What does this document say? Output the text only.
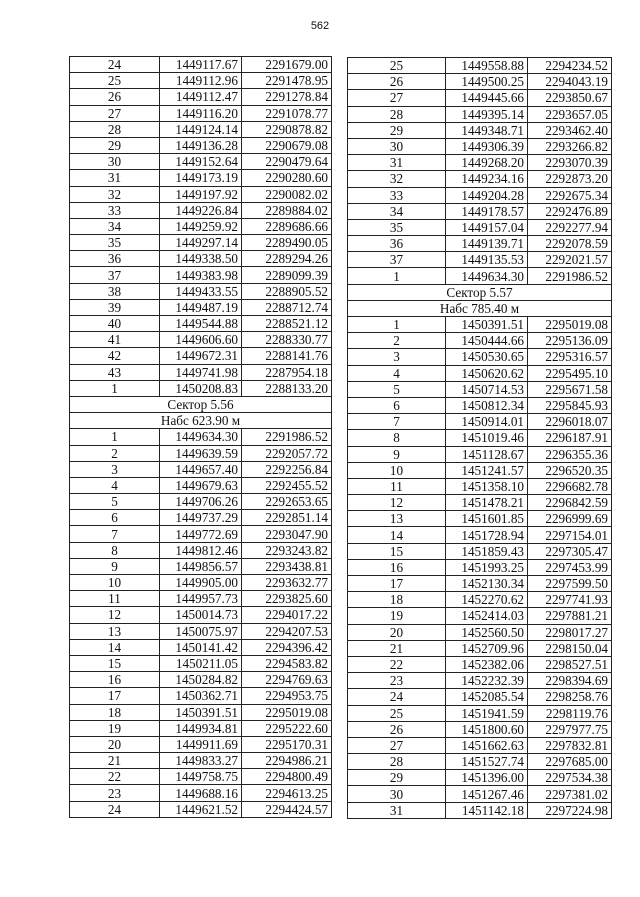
562
24	1449117.67	2291679.00
25	1449112.96	2291478.95
26	1449112.47	2291278.84
27	1449116.20	2291078.77
28	1449124.14	2290878.82
29	1449136.28	2290679.08
30	1449152.64	2290479.64
31	1449173.19	2290280.60
32	1449197.92	2290082.02
33	1449226.84	2289884.02
34	1449259.92	2289686.66
35	1449297.14	2289490.05
36	1449338.50	2289294.26
37	1449383.98	2289099.39
38	1449433.55	2288905.52
39	1449487.19	2288712.74
40	1449544.88	2288521.12
41	1449606.60	2288330.77
42	1449672.31	2288141.76
43	1449741.98	2287954.18
1	1450208.83	2288133.20
Сектор 5.56		
Набс 623.90 м		
1	1449634.30	2291986.52
2	1449639.59	2292057.72
3	1449657.40	2292256.84
4	1449679.63	2292455.52
5	1449706.26	2292653.65
6	1449737.29	2292851.14
7	1449772.69	2293047.90
8	1449812.46	2293243.82
9	1449856.57	2293438.81
10	1449905.00	2293632.77
11	1449957.73	2293825.60
12	1450014.73	2294017.22
13	1450075.97	2294207.53
14	1450141.42	2294396.42
15	1450211.05	2294583.82
16	1450284.82	2294769.63
17	1450362.71	2294953.75
18	1450391.51	2295019.08
19	1449934.81	2295222.60
20	1449911.69	2295170.31
21	1449833.27	2294986.21
22	1449758.75	2294800.49
23	1449688.16	2294613.25
24	1449621.52	2294424.57
25	1449558.88	2294234.52
26	1449500.25	2294043.19
27	1449445.66	2293850.67
28	1449395.14	2293657.05
29	1449348.71	2293462.40
30	1449306.39	2293266.82
31	1449268.20	2293070.39
32	1449234.16	2292873.20
33	1449204.28	2292675.34
34	1449178.57	2292476.89
35	1449157.04	2292277.94
36	1449139.71	2292078.59
37	1449135.53	2292021.57
1	1449634.30	2291986.52
Сектор 5.57		
Набс 785.40 м		
1	1450391.51	2295019.08
2	1450444.66	2295136.09
3	1450530.65	2295316.57
4	1450620.62	2295495.10
5	1450714.53	2295671.58
6	1450812.34	2295845.93
7	1450914.01	2296018.07
8	1451019.46	2296187.91
9	1451128.67	2296355.36
10	1451241.57	2296520.35
11	1451358.10	2296682.78
12	1451478.21	2296842.59
13	1451601.85	2296999.69
14	1451728.94	2297154.01
15	1451859.43	2297305.47
16	1451993.25	2297453.99
17	1452130.34	2297599.50
18	1452270.62	2297741.93
19	1452414.03	2297881.21
20	1452560.50	2298017.27
21	1452709.96	2298150.04
22	1452382.06	2298527.51
23	1452232.39	2298394.69
24	1452085.54	2298258.76
25	1451941.59	2298119.76
26	1451800.60	2297977.75
27	1451662.63	2297832.81
28	1451527.74	2297685.00
29	1451396.00	2297534.38
30	1451267.46	2297381.02
31	1451142.18	2297224.98
